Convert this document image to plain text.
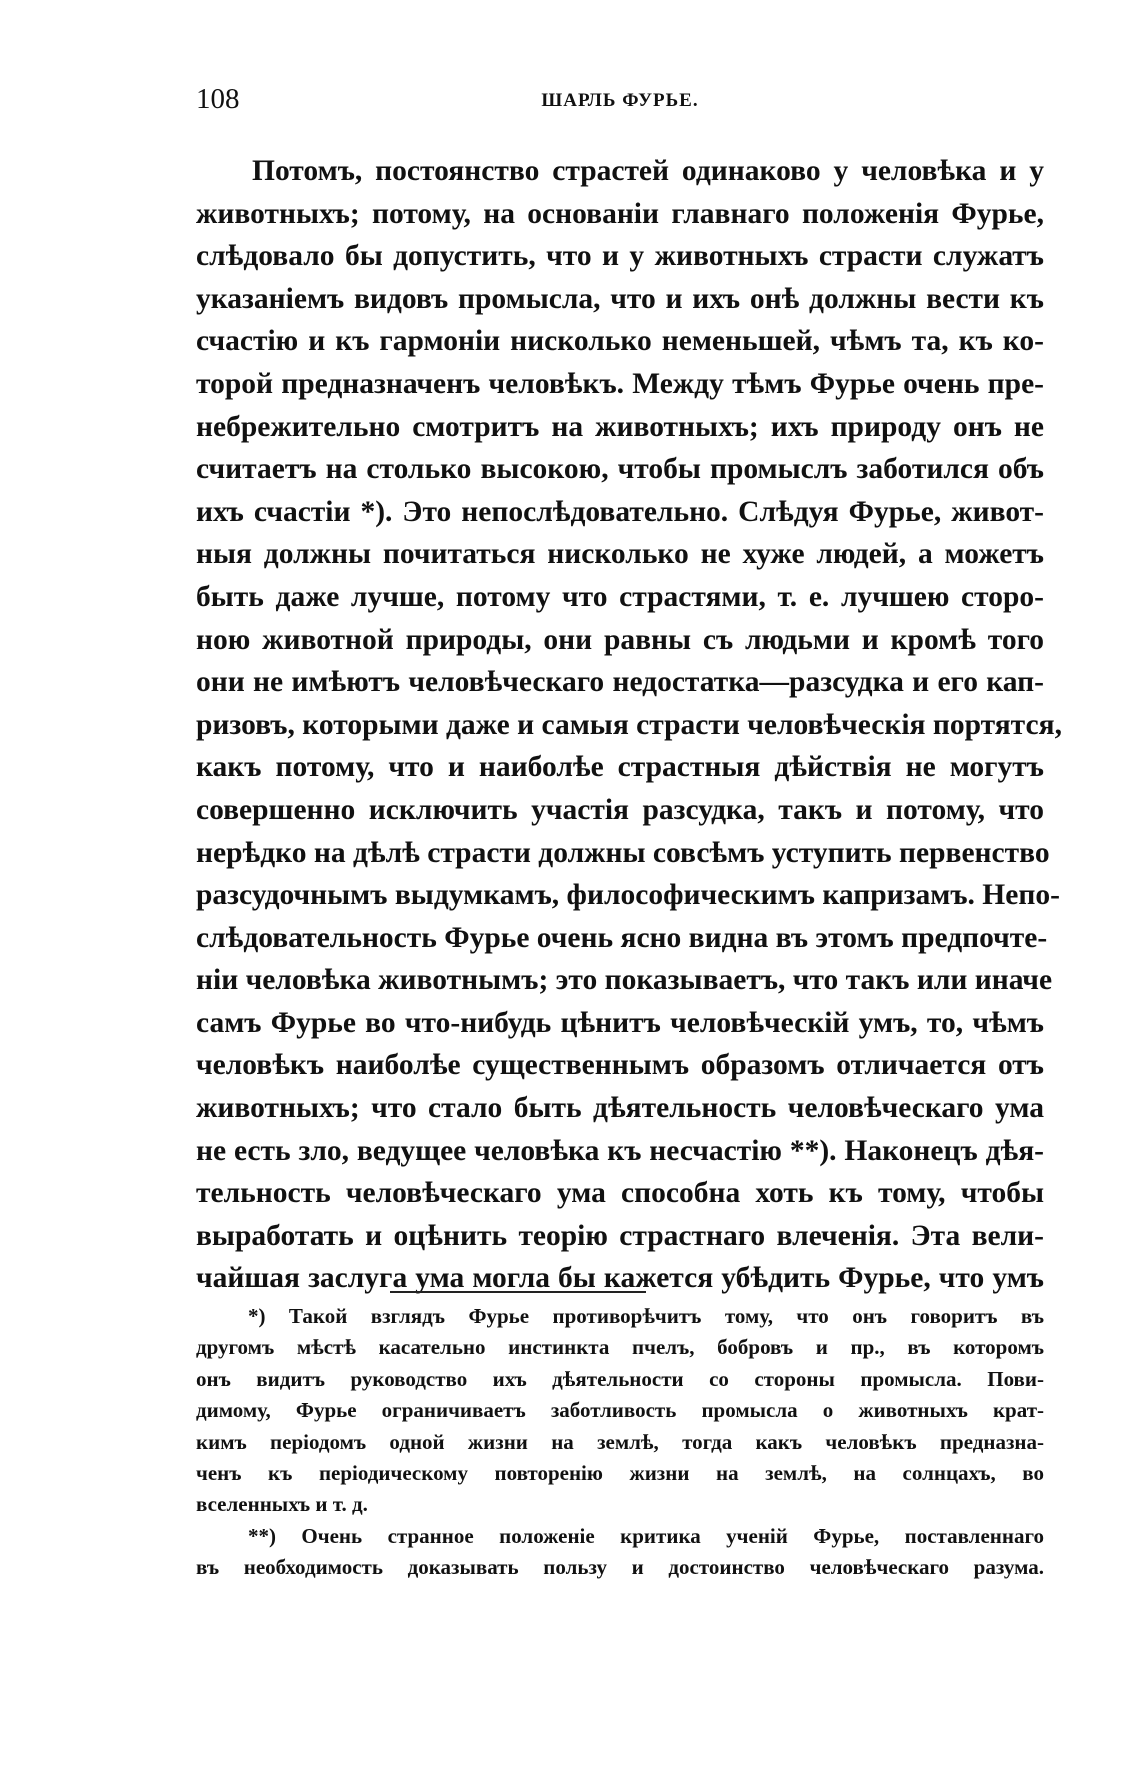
108	ШАРЛЬ ФУРЬЕ.
Потомъ, постоянство страстей одинаково у человѣка и у
животныхъ; потому, на основаніи главнаго положенія Фурье,
слѣдовало бы допустить, что и у животныхъ страсти служатъ
указаніемъ видовъ промысла, что и ихъ онѣ должны вести къ
счастію и къ гармоніи нисколько неменьшей, чѣмъ та, къ ко-
торой предназначенъ человѣкъ. Между тѣмъ Фурье очень пре-
небрежительно смотритъ на животныхъ; ихъ природу онъ не
считаетъ на столько высокою, чтобы промыслъ заботился объ
ихъ счастіи *). Это непослѣдовательно. Слѣдуя Фурье, живот-
ныя должны почитаться нисколько не хуже людей, а можетъ
быть даже лучше, потому что страстями, т. е. лучшею сторо-
ною животной природы, они равны съ людьми и кромѣ того
они не имѣютъ человѣческаго недостатка—разсудка и его кап-
ризовъ, которыми даже и самыя страсти человѣческія портятся,
какъ потому, что и наиболѣе страстныя дѣйствія не могутъ
совершенно исключить участія разсудка, такъ и потому, что
нерѣдко на дѣлѣ страсти должны совсѣмъ уступить первенство
разсудочнымъ выдумкамъ, философическимъ капризамъ. Непо-
слѣдовательность Фурье очень ясно видна въ этомъ предпочте-
ніи человѣка животнымъ; это показываетъ, что такъ или иначе
самъ Фурье во что-нибудь цѣнитъ человѣческій умъ, то, чѣмъ
человѣкъ наиболѣе существеннымъ образомъ отличается отъ
животныхъ; что стало быть дѣятельность человѣческаго ума
не есть зло, ведущее человѣка къ несчастію **). Наконецъ дѣя-
тельность человѣческаго ума способна хоть къ тому, чтобы
выработать и оцѣнить теорію страстнаго влеченія. Эта вели-
чайшая заслуга ума могла бы кажется убѣдить Фурье, что умъ
*) Такой взглядъ Фурье противорѣчитъ тому, что онъ говоритъ въ
другомъ мѣстѣ касательно инстинкта пчелъ, бобровъ и пр., въ которомъ
онъ видитъ руководство ихъ дѣятельности со стороны промысла. Пови-
димому, Фурье ограничиваетъ заботливость промысла о животныхъ крат-
кимъ періодомъ одной жизни на землѣ, тогда какъ человѣкъ предназна-
ченъ къ періодическому повторенію жизни на землѣ, на солнцахъ, во
вселенныхъ и т. д.
**) Очень странное положеніе критика ученій Фурье, поставленнаго
въ необходимость доказывать пользу и достоинство человѣческаго разума.
